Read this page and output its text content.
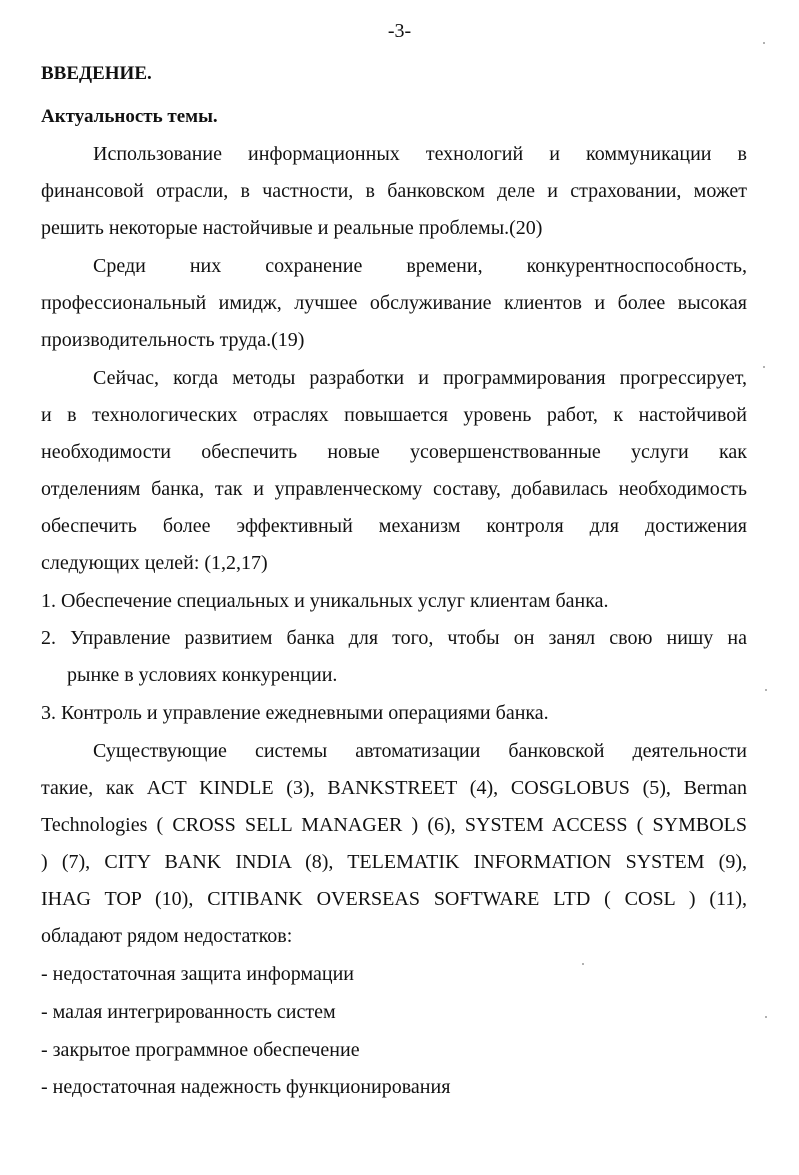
-3-
ВВЕДЕНИЕ.
Актуальность темы.
Использование информационных технологий и коммуникации в
финансовой отрасли, в частности, в банковском деле и страховании, может
решить некоторые настойчивые и реальные проблемы.(20)
Среди них сохранение времени, конкурентноспособность,
профессиональный имидж, лучшее обслуживание клиентов и более высокая
производительность труда.(19)
Сейчас, когда методы разработки и программирования прогрессирует,
и в технологических отраслях повышается уровень работ, к настойчивой
необходимости обеспечить новые усовершенствованные услуги как
отделениям банка, так и управленческому составу, добавилась необходимость
обеспечить более эффективный механизм контроля для достижения
следующих целей: (1,2,17)
1. Обеспечение специальных и уникальных услуг клиентам банка.
2. Управление развитием банка для того, чтобы он занял свою нишу на
рынке в условиях конкуренции.
3. Контроль и управление ежедневными операциями банка.
Существующие системы автоматизации банковской деятельности
такие, как ACT KINDLE (3), BANKSTREET (4), COSGLOBUS (5), Berman
Technologies ( CROSS SELL MANAGER ) (6), SYSTEM ACCESS ( SYMBOLS
) (7), CITY BANK INDIA (8), TELEMATIK INFORMATION SYSTEM (9),
IHAG TOP (10), CITIBANK OVERSEAS SOFTWARE LTD ( COSL ) (11),
обладают рядом недостатков:
- недостаточная защита информации
- малая интегрированность систем
- закрытое программное обеспечение
- недостаточная надежность функционирования
